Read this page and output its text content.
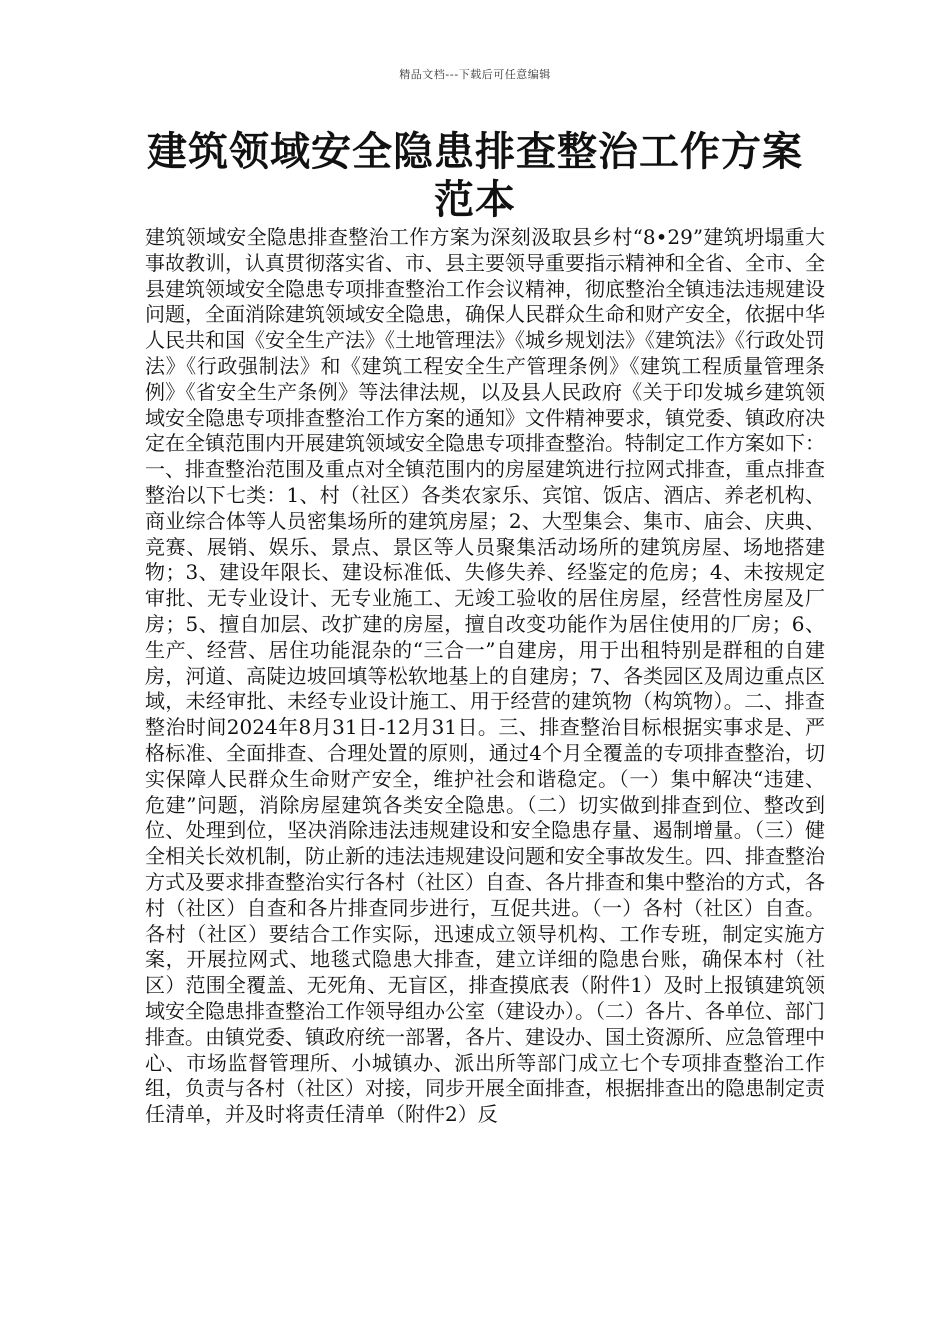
精品文档---下载后可任意编辑
建筑领域安全隐患排查整治工作方案范本

建筑领域安全隐患排查整治工作方案为深刻汲取县乡村“8•29”建筑坍塌重大事故教训，认真贯彻落实省、市、县主要领导重要指示精神和全省、全市、全县建筑领域安全隐患专项排查整治工作会议精神，彻底整治全镇违法违规建设问题，全面消除建筑领域安全隐患，确保人民群众生命和财产安全，依据中华人民共和国《安全生产法》《土地管理法》《城乡规划法》《建筑法》《行政处罚法》《行政强制法》和《建筑工程安全生产管理条例》《建筑工程质量管理条例》《省安全生产条例》等法律法规，以及县人民政府《关于印发城乡建筑领域安全隐患专项排查整治工作方案的通知》文件精神要求，镇党委、镇政府决定在全镇范围内开展建筑领域安全隐患专项排查整治。特制定工作方案如下：一、排查整治范围及重点对全镇范围内的房屋建筑进行拉网式排查，重点排查整治以下七类：1、村（社区）各类农家乐、宾馆、饭店、酒店、养老机构、商业综合体等人员密集场所的建筑房屋；2、大型集会、集市、庙会、庆典、竞赛、展销、娱乐、景点、景区等人员聚集活动场所的建筑房屋、场地搭建物；3、建设年限长、建设标准低、失修失养、经鉴定的危房；4、未按规定审批、无专业设计、无专业施工、无竣工验收的居住房屋，经营性房屋及厂房；5、擅自加层、改扩建的房屋，擅自改变功能作为居住使用的厂房；6、生产、经营、居住功能混杂的“三合一”自建房，用于出租特别是群租的自建房，河道、高陡边坡回填等松软地基上的自建房；7、各类园区及周边重点区域，未经审批、未经专业设计施工、用于经营的建筑物（构筑物）。二、排查整治时间2024年8月31日-12月31日。三、排查整治目标根据实事求是、严格标准、全面排查、合理处置的原则，通过4个月全覆盖的专项排查整治，切实保障人民群众生命财产安全，维护社会和谐稳定。（一）集中解决“违建、危建”问题，消除房屋建筑各类安全隐患。（二）切实做到排查到位、整改到位、处理到位，坚决消除违法违规建设和安全隐患存量、遏制增量。（三）健全相关长效机制，防止新的违法违规建设问题和安全事故发生。四、排查整治方式及要求排查整治实行各村（社区）自查、各片排查和集中整治的方式，各村（社区）自查和各片排查同步进行，互促共进。（一）各村（社区）自查。各村（社区）要结合工作实际，迅速成立领导机构、工作专班，制定实施方案，开展拉网式、地毯式隐患大排查，建立详细的隐患台账，确保本村（社区）范围全覆盖、无死角、无盲区，排查摸底表（附件1）及时上报镇建筑领域安全隐患排查整治工作领导组办公室（建设办）。（二）各片、各单位、部门排查。由镇党委、镇政府统一部署，各片、建设办、国土资源所、应急管理中心、市场监督管理所、小城镇办、派出所等部门成立七个专项排查整治工作组，负责与各村（社区）对接，同步开展全面排查，根据排查出的隐患制定责任清单，并及时将责任清单（附件2）反
